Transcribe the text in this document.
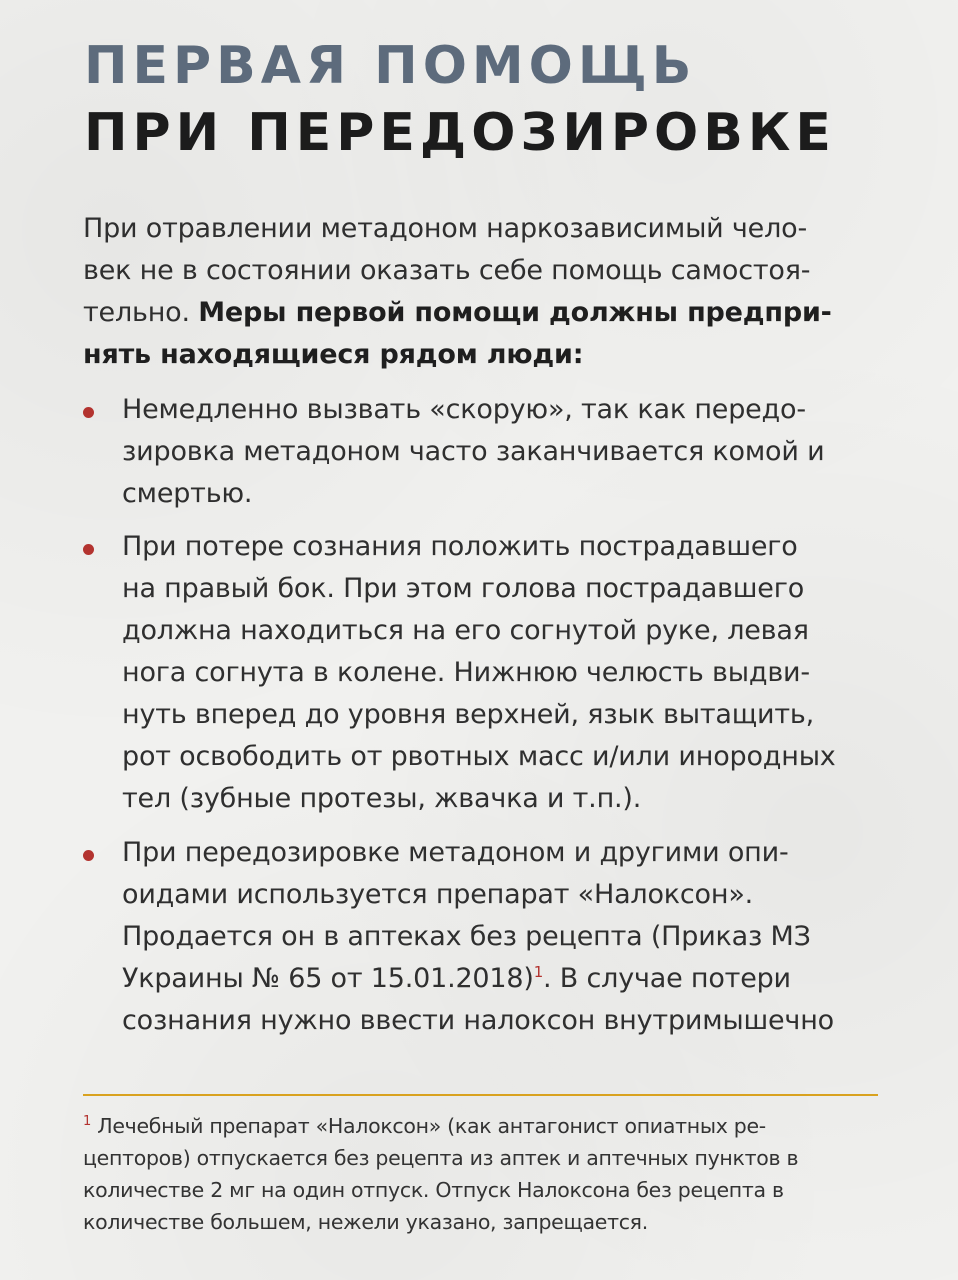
ПЕРВАЯ ПОМОЩЬ
ПРИ ПЕРЕДОЗИРОВКЕ
При отравлении метадоном наркозависимый чело-
век не в состоянии оказать себе помощь самостоя-
тельно. Меры первой помощи должны предпри-
нять находящиеся рядом люди:
Немедленно вызвать «скорую», так как передо-
зировка метадоном часто заканчивается комой и
смертью.
При потере сознания положить пострадавшего
на правый бок. При этом голова пострадавшего
должна находиться на его согнутой руке, левая
нога согнута в колене. Нижнюю челюсть выдви-
нуть вперед до уровня верхней, язык вытащить,
рот освободить от рвотных масс и/или инородных
тел (зубные протезы, жвачка и т.п.).
При передозировке метадоном и другими опи-
оидами используется препарат «Налоксон».
Продается он в аптеках без рецепта (Приказ МЗ
Украины № 65 от 15.01.2018)$^1$. В случае потери
сознания нужно ввести налоксон внутримышечно
$^1$ Лечебный препарат «Налоксон» (как антагонист опиатных ре-
цепторов) отпускается без рецепта из аптек и аптечных пунктов в
количестве 2 мг на один отпуск. Отпуск Налоксона без рецепта в
количестве большем, нежели указано, запрещается.
